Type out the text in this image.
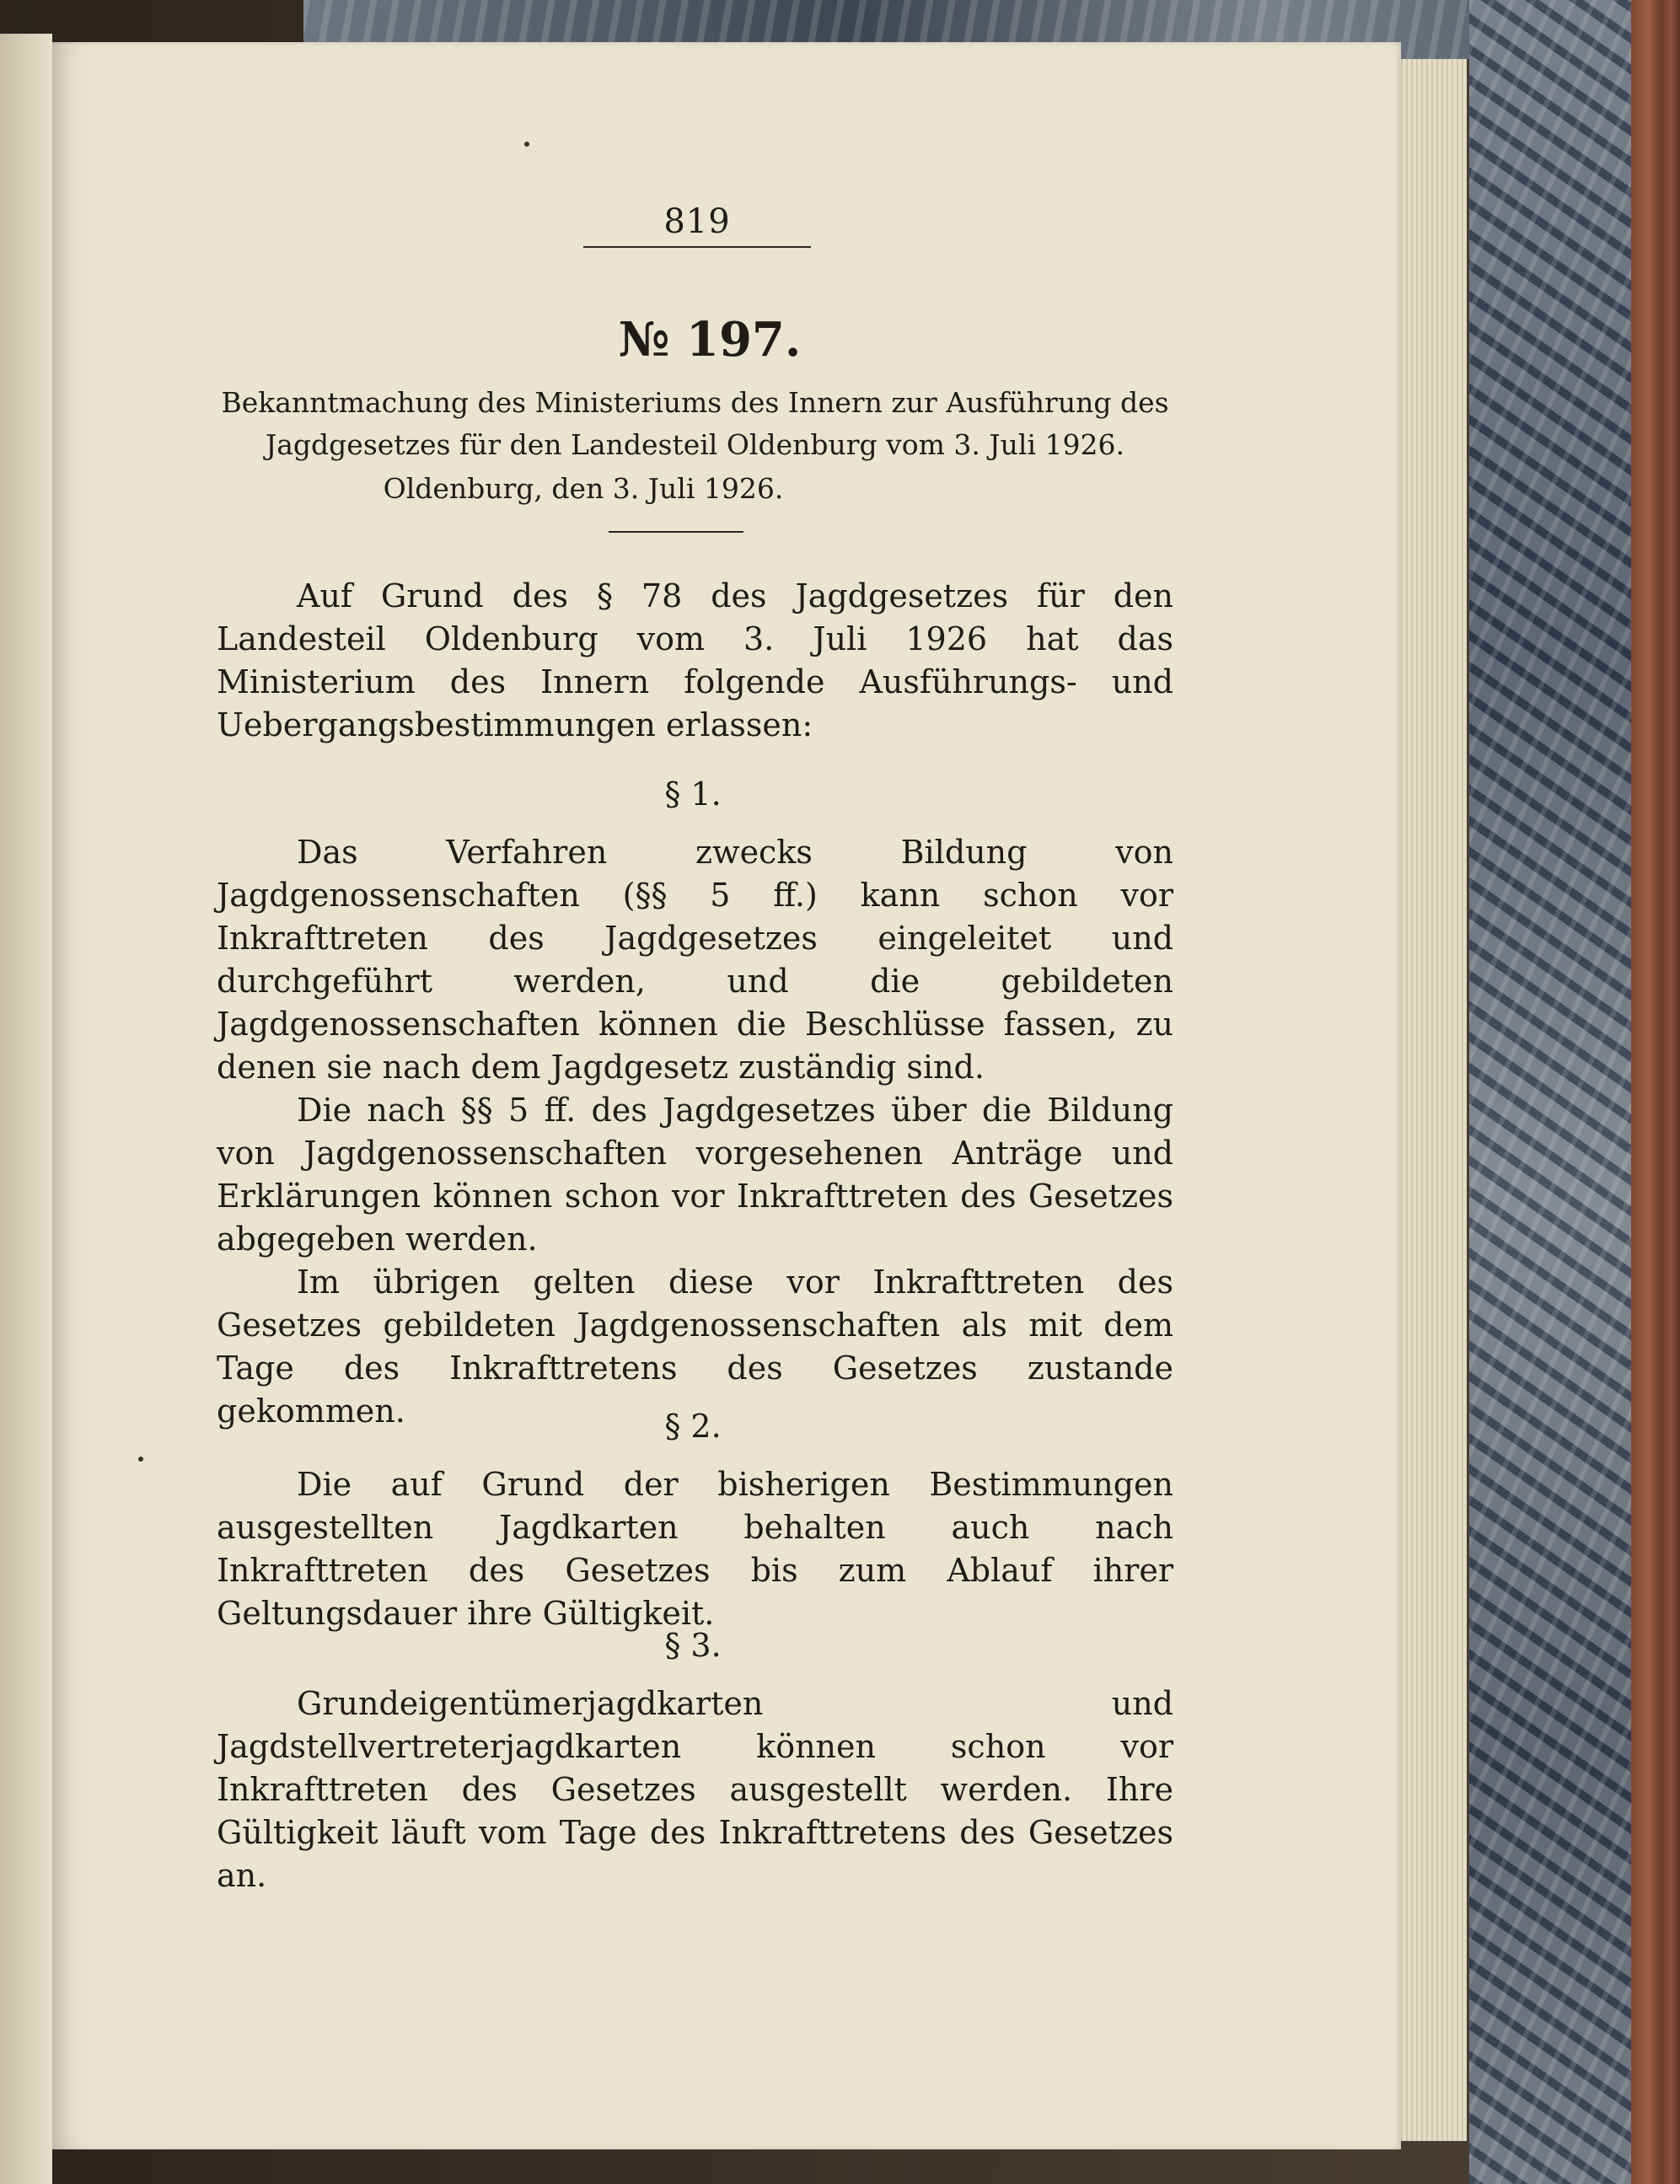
819
№ 197.
Bekanntmachung des Ministeriums des Innern zur Ausführung des
Jagdgesetzes für den Landesteil Oldenburg vom 3. Juli 1926.
Oldenburg, den 3. Juli 1926.

Auf Grund des § 78 des Jagdgesetzes für den Landesteil Oldenburg vom 3. Juli 1926 hat das Ministerium des Innern folgende Ausführungs- und Uebergangsbestimmungen erlassen:

§ 1.

Das Verfahren zwecks Bildung von Jagdgenossenschaften (§§ 5 ff.) kann schon vor Inkrafttreten des Jagdgesetzes eingeleitet und durchgeführt werden, und die gebildeten Jagdgenossenschaften können die Beschlüsse fassen, zu denen sie nach dem Jagdgesetz zuständig sind.

Die nach §§ 5 ff. des Jagdgesetzes über die Bildung von Jagdgenossenschaften vorgesehenen Anträge und Erklärungen können schon vor Inkrafttreten des Gesetzes abgegeben werden.

Im übrigen gelten diese vor Inkrafttreten des Gesetzes gebildeten Jagdgenossenschaften als mit dem Tage des Inkrafttretens des Gesetzes zustande gekommen.	§ 2.

Die auf Grund der bisherigen Bestimmungen ausgestellten Jagdkarten behalten auch nach Inkrafttreten des Gesetzes bis zum Ablauf ihrer Geltungsdauer ihre Gültigkeit.

§ 3.

Grundeigentümerjagdkarten und Jagdstellvertreterjagdkarten können schon vor Inkrafttreten des Gesetzes ausgestellt werden. Ihre Gültigkeit läuft vom Tage des Inkrafttretens des Gesetzes an.
